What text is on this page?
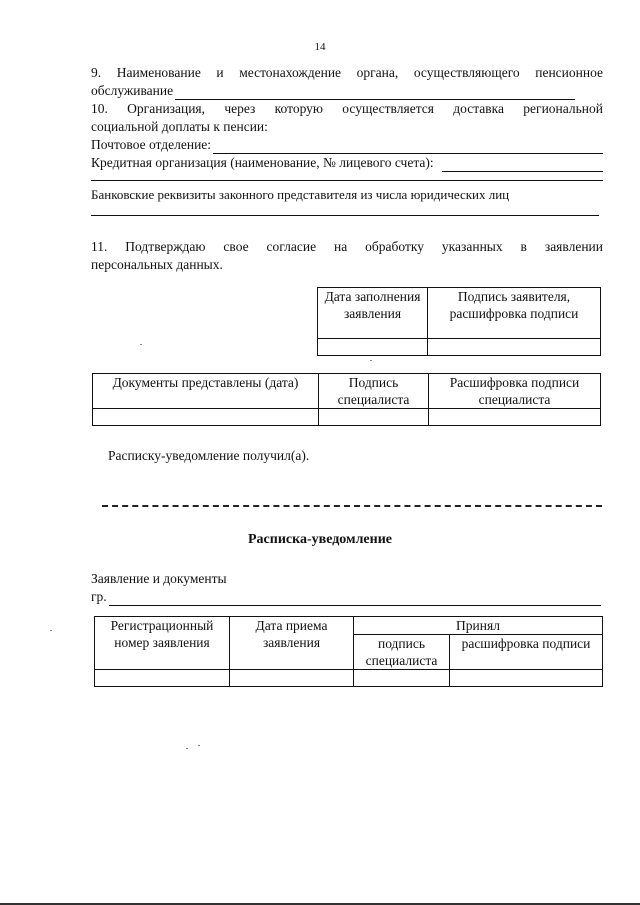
14
9. Наименование и местонахождение органа, осуществляющего пенсионное
обслуживание
10. Организация, через которую осуществляется доставка региональной
социальной доплаты к пенсии:
Почтовое отделение:
Кредитная организация (наименование, № лицевого счета):
Банковские реквизиты законного представителя из числа юридических лиц
11. Подтверждаю свое согласие на обработку указанных в заявлении
персональных данных.
Дата заполнения заявления	Подпись заявителя, расшифровка подписи

Документы представлены (дата)	Подпись специалиста	Расшифровка подписи специалиста

Расписку-уведомление получил(а).
Расписка-уведомление
Заявление и документы
гр.
Регистрационный номер заявления	Дата приема заявления	Принял	
		подпись специалиста	расшифровка подписи
